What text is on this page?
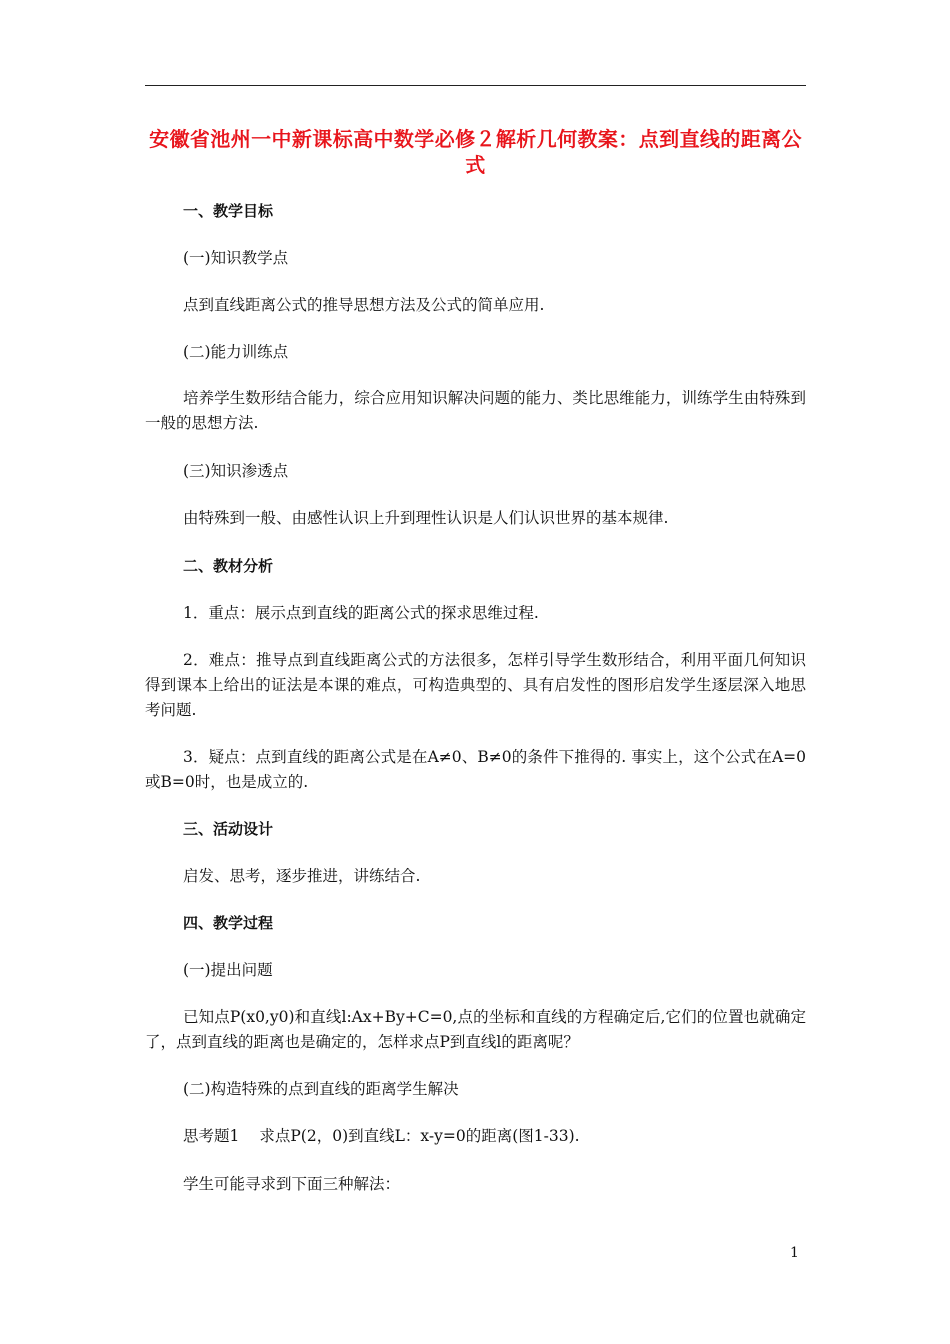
安徽省池州一中新课标高中数学必修２解析几何教案：点到直线的距离公式
一、教学目标
(一)知识教学点
点到直线距离公式的推导思想方法及公式的简单应用.
(二)能力训练点
培养学生数形结合能力，综合应用知识解决问题的能力、类比思维能力，训练学生由特殊到一般的思想方法.
(三)知识渗透点
由特殊到一般、由感性认识上升到理性认识是人们认识世界的基本规律.
二、教材分析
1．重点：展示点到直线的距离公式的探求思维过程.
2．难点：推导点到直线距离公式的方法很多，怎样引导学生数形结合，利用平面几何知识得到课本上给出的证法是本课的难点，可构造典型的、具有启发性的图形启发学生逐层深入地思考问题.
3．疑点：点到直线的距离公式是在A≠0、B≠0的条件下推得的. 事实上，这个公式在A=0或B=0时，也是成立的.
三、活动设计
启发、思考，逐步推进，讲练结合.
四、教学过程
(一)提出问题
已知点P(x0,y0)和直线l:Ax+By+C=0,点的坐标和直线的方程确定后,它们的位置也就确定了，点到直线的距离也是确定的，怎样求点P到直线l的距离呢？
(二)构造特殊的点到直线的距离学生解决
思考题1 求点P(2，0)到直线L：x-y=0的距离(图1-33).
学生可能寻求到下面三种解法：
1
